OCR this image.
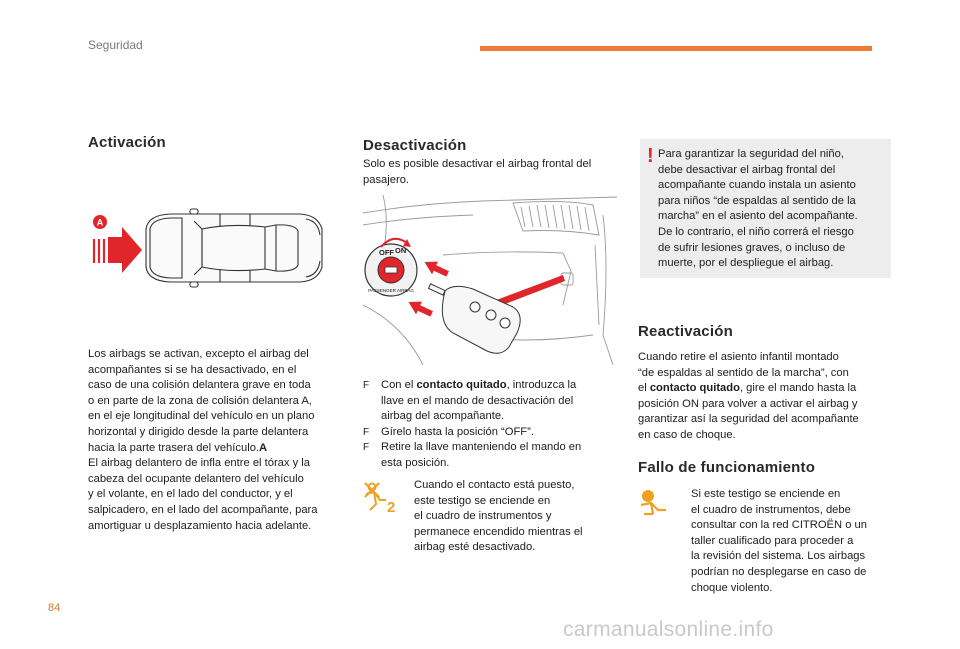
Seguridad
Activación
A

Los airbags se activan, excepto el airbag del

acompañantes si se ha desactivado, en el

caso de una colisión delantera grave en toda

o en parte de la zona de colisión delantera A,

en el eje longitudinal del vehículo en un plano

horizontal y dirigido desde la parte delantera

hacia la parte trasera del vehículo.A

El airbag delantero de infla entre el tórax y la

cabeza del ocupante delantero del vehículo

y el volante, en el lado del conductor, y el

salpicadero, en el lado del acompañante, para

amortiguar u desplazamiento hacia adelante.

Desactivación

Solo es posible desactivar el airbag frontal del

pasajero.

OFF ON
PASSENGER AIRBAG
F	Con el contacto quitado, introduzca la

llave en el mando de desactivación del

airbag del acompañante.

F	Gírelo hasta la posición “OFF”.

F	Retire la llave manteniendo el mando en

esta posición.

2

Cuando el contacto está puesto,

este testigo se enciende en

el cuadro de instrumentos y

permanece encendido mientras el

airbag esté desactivado.

! Para garantizar la seguridad del niño,

debe desactivar el airbag frontal del

acompañante cuando instala un asiento

para niños “de espaldas al sentido de la

marcha” en el asiento del acompañante.

De lo contrario, el niño correrá el riesgo

de sufrir lesiones graves, o incluso de

muerte, por el despliegue el airbag.

Reactivación

Cuando retire el asiento infantil montado

“de espaldas al sentido de la marcha”, con

el contacto quitado, gire el mando hasta la

posición ON para volver a activar el airbag y

garantizar así la seguridad del acompañante

en caso de choque.

Fallo de funcionamiento

Si este testigo se enciende en

el cuadro de instrumentos, debe

consultar con la red CITROËN o un

taller cualificado para proceder a

la revisión del sistema. Los airbags

podrían no desplegarse en caso de

choque violento.

84
carmanualsonline.info
